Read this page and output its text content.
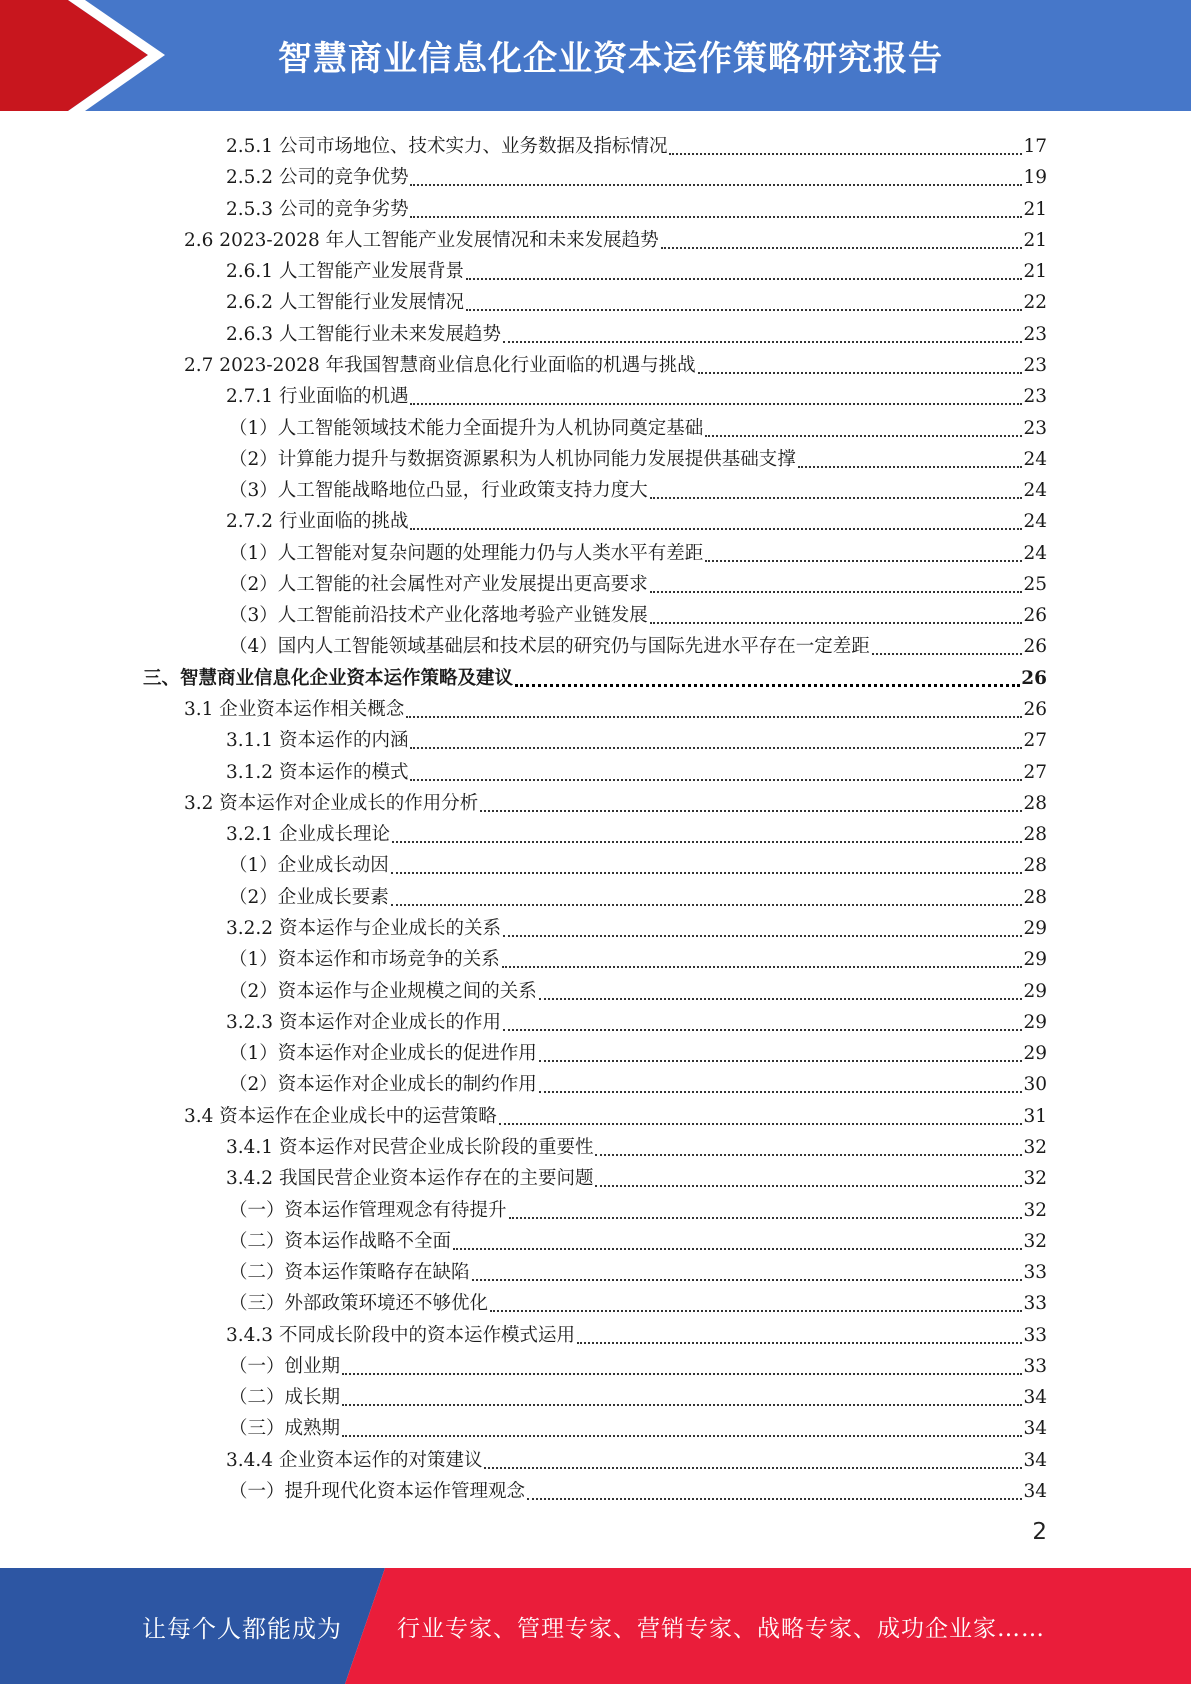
智慧商业信息化企业资本运作策略研究报告
2.5.1 公司市场地位、技术实力、业务数据及指标情况	17
2.5.2 公司的竞争优势	19
2.5.3 公司的竞争劣势	21
2.6 2023-2028 年人工智能产业发展情况和未来发展趋势	21
2.6.1 人工智能产业发展背景	21
2.6.2 人工智能行业发展情况	22
2.6.3 人工智能行业未来发展趋势	23
2.7 2023-2028 年我国智慧商业信息化行业面临的机遇与挑战	23
2.7.1 行业面临的机遇	23
（1）人工智能领域技术能力全面提升为人机协同奠定基础	23
（2）计算能力提升与数据资源累积为人机协同能力发展提供基础支撑	24
（3）人工智能战略地位凸显，行业政策支持力度大	24
2.7.2 行业面临的挑战	24
（1）人工智能对复杂问题的处理能力仍与人类水平有差距	24
（2）人工智能的社会属性对产业发展提出更高要求	25
（3）人工智能前沿技术产业化落地考验产业链发展	26
（4）国内人工智能领域基础层和技术层的研究仍与国际先进水平存在一定差距	26
三、智慧商业信息化企业资本运作策略及建议	26
3.1 企业资本运作相关概念	26
3.1.1 资本运作的内涵	27
3.1.2 资本运作的模式	27
3.2 资本运作对企业成长的作用分析	28
3.2.1 企业成长理论	28
（1）企业成长动因	28
（2）企业成长要素	28
3.2.2 资本运作与企业成长的关系	29
（1）资本运作和市场竞争的关系	29
（2）资本运作与企业规模之间的关系	29
3.2.3 资本运作对企业成长的作用	29
（1）资本运作对企业成长的促进作用	29
（2）资本运作对企业成长的制约作用	30
3.4 资本运作在企业成长中的运营策略	31
3.4.1 资本运作对民营企业成长阶段的重要性	32
3.4.2 我国民营企业资本运作存在的主要问题	32
（一）资本运作管理观念有待提升	32
（二）资本运作战略不全面	32
（二）资本运作策略存在缺陷	33
（三）外部政策环境还不够优化	33
3.4.3 不同成长阶段中的资本运作模式运用	33
（一）创业期	33
（二）成长期	34
（三）成熟期	34
3.4.4 企业资本运作的对策建议	34
（一）提升现代化资本运作管理观念	34
2
让每个人都能成为 行业专家、管理专家、营销专家、战略专家、成功企业家……
